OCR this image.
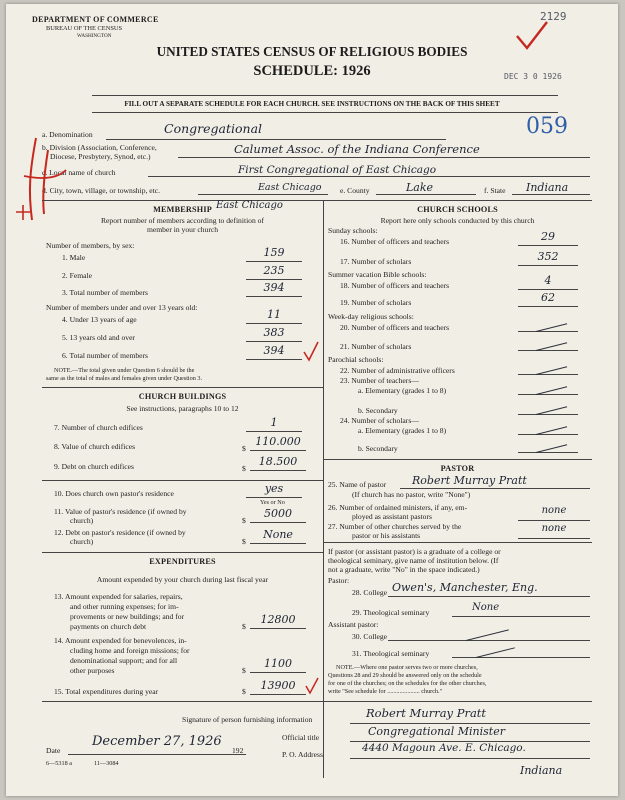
DEPARTMENT OF COMMERCE
BUREAU OF THE CENSUS
WASHINGTON
UNITED STATES CENSUS OF RELIGIOUS BODIES
SCHEDULE: 1926
2129
DEC 3 0 1926
FILL OUT A SEPARATE SCHEDULE FOR EACH CHURCH. SEE INSTRUCTIONS ON THE BACK OF THIS SHEET
a. Denomination	Congregational	059
b. Division (Association, Conference,
Diocese, Presbytery, Synod, etc.)
Calumet Assoc. of the Indiana Conference
c. Local name of church	First Congregational of East Chicago
d. City, town, village, or township, etc.	East Chicago e. County	Lake	f. State Indiana
MEMBERSHIP East Chicago
Report number of members according to definition of
member in your church
Number of members, by sex:
1. Male	159
2. Female	235
3. Total number of members	394
Number of members under and over 13 years old:
4. Under 13 years of age	11
5. 13 years old and over	383
6. Total number of members	394
NOTE.—The total given under Question 6 should be the
same as the total of males and females given under Question 3.
CHURCH BUILDINGS
See instructions, paragraphs 10 to 12
7. Number of church edifices	1
8. Value of church edifices	$
110.000
9. Debt on church edifices	$
18.500
10. Does church own pastor's residence	yes
Yes or No
11. Value of pastor's residence (if owned by
church)	$
5000
12. Debt on pastor's residence (if owned by
church)	$
None
EXPENDITURES
Amount expended by your church during last fiscal year
13. Amount expended for salaries, repairs,
and other running expenses; for im-
provements or new buildings; and for
payments on church debt	$
12800
14. Amount expended for benevolences, in-
cluding home and foreign missions; for
denominational support; and for all
other purposes	$
1100
15. Total expenditures during year	$	13900
CHURCH SCHOOLS
Report here only schools conducted by this church
Sunday schools:
16. Number of officers and teachers	29
17. Number of scholars	352
Summer vacation Bible schools:
18. Number of officers and teachers	4
19. Number of scholars	62
Week-day religious schools:
20. Number of officers and teachers
21. Number of scholars
Parochial schools:
22. Number of administrative officers
23. Number of teachers—
a. Elementary (grades 1 to 8)
b. Secondary
24. Number of scholars—
a. Elementary (grades 1 to 8)
b. Secondary
PASTOR
25. Name of pastor Robert Murray Pratt
(If church has no pastor, write "None")
26. Number of ordained ministers, if any, em-
ployed as assistant pastors
none
27. Number of other churches served by the
pastor or his assistants
none
If pastor (or assistant pastor) is a graduate of a college or
theological seminary, give name of institution below. (If
not a graduate, write "No" in the space indicated.)
Pastor:
28. College Owen's, Manchester, Eng.
29. Theological seminary	None
Assistant pastor:
30. College
31. Theological seminary
NOTE.—Where one pastor serves two or more churches,
Questions 28 and 29 should be answered only on the schedule
for one of the churches; on the schedules for the other churches,
write "See schedule for ..................... church."
Signature of person furnishing information	Robert Murray Pratt
Official title	Congregational Minister
Date
December 27, 1926
192	P. O. Address
4440 Magoun Ave. E. Chicago.
Indiana
6—5318 a	11—3084
